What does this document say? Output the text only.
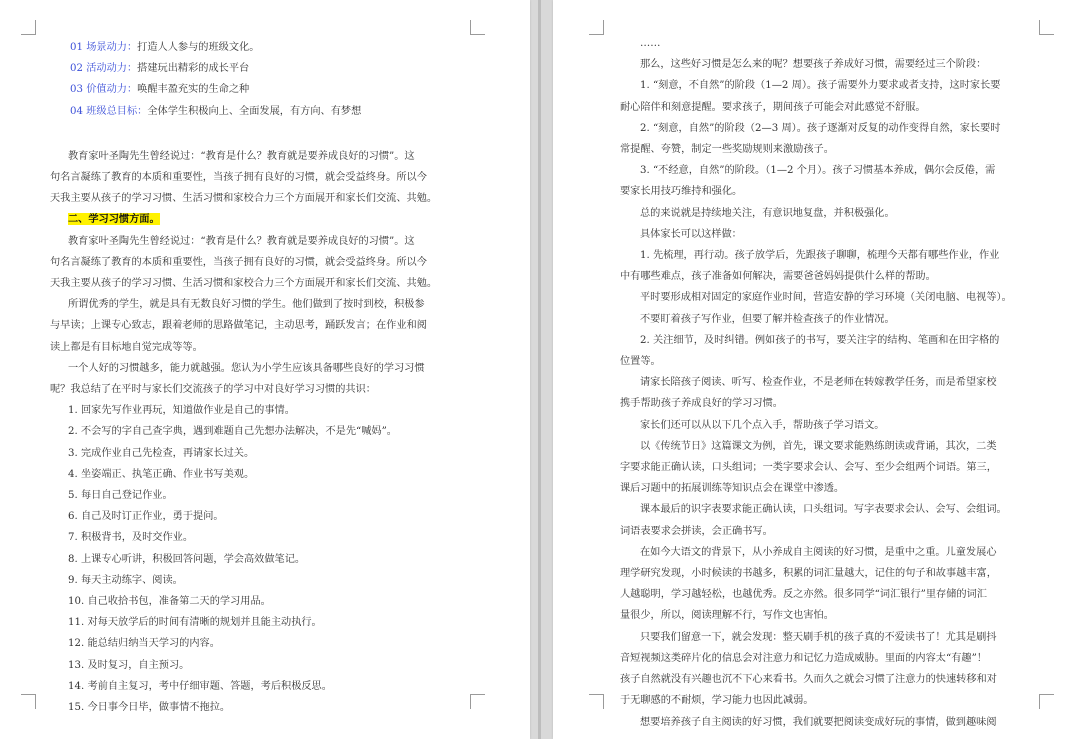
01 场景动力：打造人人参与的班级文化。
02 活动动力：搭建玩出精彩的成长平台
03 价值动力：唤醒丰盈充实的生命之种
04 班级总目标：全体学生积极向上、全面发展，有方向、有梦想
教育家叶圣陶先生曾经说过：“教育是什么？教育就是要养成良好的习惯”。这
句名言凝练了教育的本质和重要性，当孩子拥有良好的习惯，就会受益终身。所以今
天我主要从孩子的学习习惯、生活习惯和家校合力三个方面展开和家长们交流、共勉。
二、学习习惯方面。
教育家叶圣陶先生曾经说过：“教育是什么？教育就是要养成良好的习惯”。这
句名言凝练了教育的本质和重要性，当孩子拥有良好的习惯，就会受益终身。所以今
天我主要从孩子的学习习惯、生活习惯和家校合力三个方面展开和家长们交流、共勉。
所谓优秀的学生，就是具有无数良好习惯的学生。他们做到了按时到校，积极参
与早读；上课专心致志，跟着老师的思路做笔记，主动思考，踊跃发言；在作业和阅
读上都是有目标地自觉完成等等。
一个人好的习惯越多，能力就越强。您认为小学生应该具备哪些良好的学习习惯
呢？我总结了在平时与家长们交流孩子的学习中对良好学习习惯的共识：
1. 回家先写作业再玩，知道做作业是自己的事情。
2. 不会写的字自己查字典，遇到难题自己先想办法解决，不是先“喊妈”。
3. 完成作业自己先检查，再请家长过关。
4. 坐姿端正、执笔正确、作业书写美观。
5. 每日自己登记作业。
6. 自己及时订正作业，勇于提问。
7. 积极背书，及时交作业。
8. 上课专心听讲，积极回答问题，学会高效做笔记。
9. 每天主动练字、阅读。
10. 自己收拾书包，准备第二天的学习用品。
11. 对每天放学后的时间有清晰的规划并且能主动执行。
12. 能总结归纳当天学习的内容。
13. 及时复习，自主预习。
14. 考前自主复习，考中仔细审题、答题，考后积极反思。
15. 今日事今日毕，做事情不拖拉。
……
那么，这些好习惯是怎么来的呢？想要孩子养成好习惯，需要经过三个阶段：
1. “刻意，不自然”的阶段（1—2 周）。孩子需要外力要求或者支持，这时家长要
耐心陪伴和刻意提醒。要求孩子，期间孩子可能会对此感觉不舒服。
2. “刻意，自然”的阶段（2—3 周）。孩子逐渐对反复的动作变得自然，家长要时
常提醒、夸赞，制定一些奖励规则来激励孩子。
3. “不经意，自然”的阶段。（1—2 个月）。孩子习惯基本养成，偶尔会反倦，需
要家长用技巧维持和强化。
总的来说就是持续地关注，有意识地复盘，并积极强化。
具体家长可以这样做：
1. 先梳理，再行动。孩子放学后，先跟孩子聊聊，梳理今天都有哪些作业，作业
中有哪些难点，孩子准备如何解决，需要爸爸妈妈提供什么样的帮助。
平时要形成相对固定的家庭作业时间，营造安静的学习环境（关闭电脑、电视等）。
不要盯着孩子写作业，但要了解并检查孩子的作业情况。
2. 关注细节，及时纠错。例如孩子的书写，要关注字的结构、笔画和在田字格的
位置等。
请家长陪孩子阅读、听写、检查作业，不是老师在转嫁教学任务，而是希望家校
携手帮助孩子养成良好的学习习惯。
家长们还可以从以下几个点入手，帮助孩子学习语文。
以《传统节日》这篇课文为例，首先，课文要求能熟练朗读或背诵，其次，二类
字要求能正确认读，口头组词；一类字要求会认、会写、至少会组两个词语。第三，
课后习题中的拓展训练等知识点会在课堂中渗透。
课本最后的识字表要求能正确认读，口头组词。写字表要求会认、会写、会组词。
词语表要求会拼读，会正确书写。
在如今大语文的背景下，从小养成自主阅读的好习惯，是重中之重。儿童发展心
理学研究发现，小时候读的书越多，积累的词汇量越大，记住的句子和故事越丰富，
人越聪明，学习越轻松，也越优秀。反之亦然。很多同学“词汇银行”里存储的词汇
量很少，所以，阅读理解不行，写作文也害怕。
只要我们留意一下，就会发现：整天刷手机的孩子真的不爱读书了！尤其是刷抖
音短视频这类碎片化的信息会对注意力和记忆力造成威胁。里面的内容太“有趣”！
孩子自然就没有兴趣也沉不下心来看书。久而久之就会习惯了注意力的快速转移和对
于无聊感的不耐烦，学习能力也因此减弱。
想要培养孩子自主阅读的好习惯，我们就要把阅读变成好玩的事情，做到趣味阅
